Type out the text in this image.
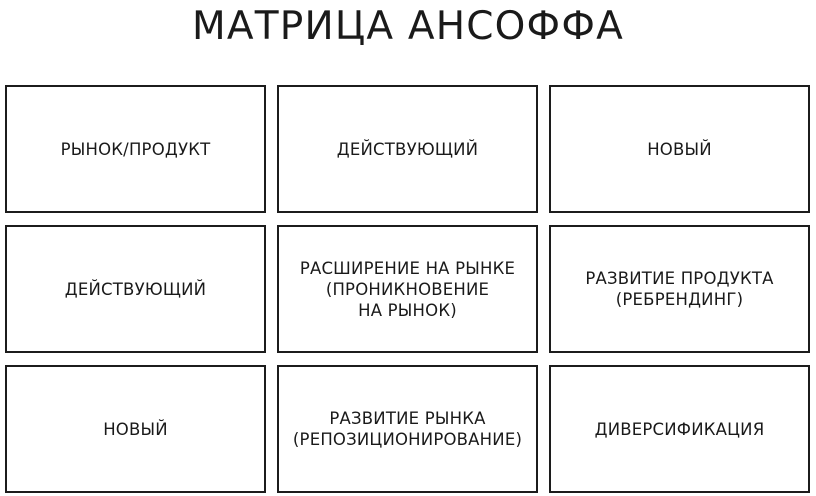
МАТРИЦА АНСОФФА
РЫНОК/ПРОДУКТ	ДЕЙСТВУЮЩИЙ	НОВЫЙ
ДЕЙСТВУЮЩИЙ
РАСШИРЕНИЕ НА РЫНКЕ
(ПРОНИКНОВЕНИЕ
НА РЫНОК)
РАЗВИТИЕ ПРОДУКТА
(РЕБРЕНДИНГ)
НОВЫЙ
РАЗВИТИЕ РЫНКА
(РЕПОЗИЦИОНИРОВАНИЕ)
ДИВЕРСИФИКАЦИЯ
